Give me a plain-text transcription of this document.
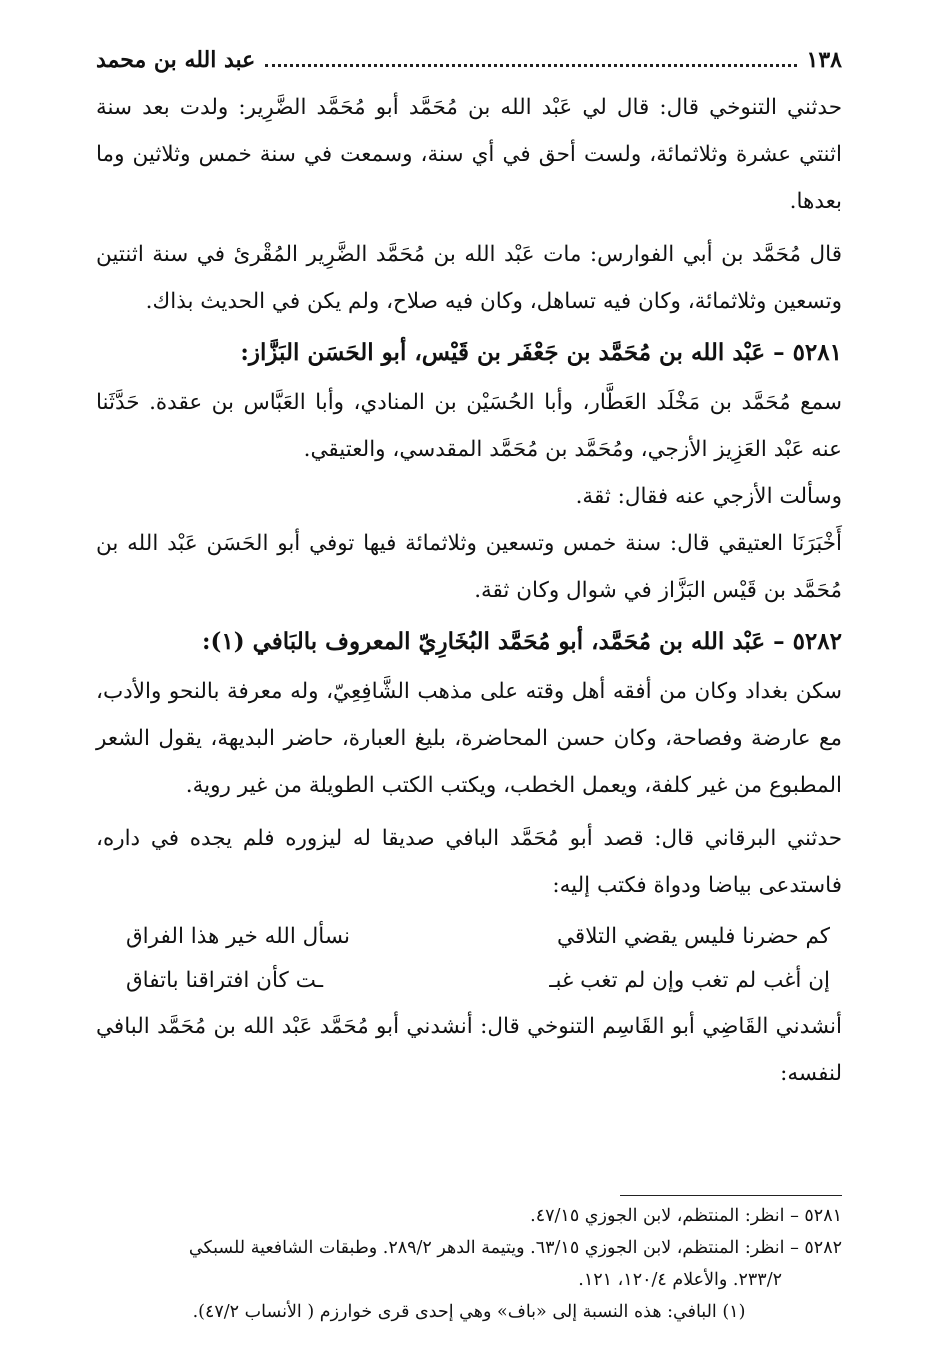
١٣٨
عبد الله بن محمد

حدثني التنوخي قال: قال لي عَبْد الله بن مُحَمَّد أبو مُحَمَّد الضَّرِير: ولدت بعد سنة اثنتي عشرة وثلاثمائة، ولست أحق في أي سنة، وسمعت في سنة خمس وثلاثين وما بعدها.

قال مُحَمَّد بن أبي الفوارس: مات عَبْد الله بن مُحَمَّد الضَّرِير المُقْرئ في سنة اثنتين وتسعين وثلاثمائة، وكان فيه تساهل، وكان فيه صلاح، ولم يكن في الحديث بذاك.

٥٢٨١ – عَبْد الله بن مُحَمَّد بن جَعْفَر بن قَيْس، أبو الحَسَن البَزَّاز:

سمع مُحَمَّد بن مَخْلَد العَطَّار، وأبا الحُسَيْن بن المنادي، وأبا العَبَّاس بن عقدة. حَدَّثَنا عنه عَبْد العَزِيز الأزجي، ومُحَمَّد بن مُحَمَّد المقدسي، والعتيقي.

وسألت الأزجي عنه فقال: ثقة.

أَخْبَرَنَا العتيقي قال: سنة خمس وتسعين وثلاثمائة فيها توفي أبو الحَسَن عَبْد الله بن مُحَمَّد بن قَيْس البَزَّاز في شوال وكان ثقة.

٥٢٨٢ – عَبْد الله بن مُحَمَّد، أبو مُحَمَّد البُخَارِيّ المعروف بالبَافي (١):

سكن بغداد وكان من أفقه أهل وقته على مذهب الشَّافِعِيّ، وله معرفة بالنحو والأدب، مع عارضة وفصاحة، وكان حسن المحاضرة، بليغ العبارة، حاضر البديهة، يقول الشعر المطبوع من غير كلفة، ويعمل الخطب، ويكتب الكتب الطويلة من غير روية.

حدثني البرقاني قال: قصد أبو مُحَمَّد البافي صديقا له ليزوره فلم يجده في داره، فاستدعى بياضا ودواة فكتب إليه:

كم حضرنا فليس يقضي التلاقي
نسأل الله خير هذا الفراق
إن أغب لم تغب وإن لم تغب غبـ
ـت كأن افتراقنا باتفاق

أنشدني القَاضِي أبو القَاسِم التنوخي قال: أنشدني أبو مُحَمَّد عَبْد الله بن مُحَمَّد البافي لنفسه:

٥٢٨١ – انظر: المنتظم، لابن الجوزي ٤٧/١٥.
٥٢٨٢ – انظر: المنتظم، لابن الجوزي ٦٣/١٥. ويتيمة الدهر ٢٨٩/٢. وطبقات الشافعية للسبكي
٢٣٣/٢. والأعلام ١٢٠/٤، ١٢١.
(١) البافي: هذه النسبة إلى «باف» وهي إحدى قرى خوارزم ( الأنساب ٤٧/٢).
